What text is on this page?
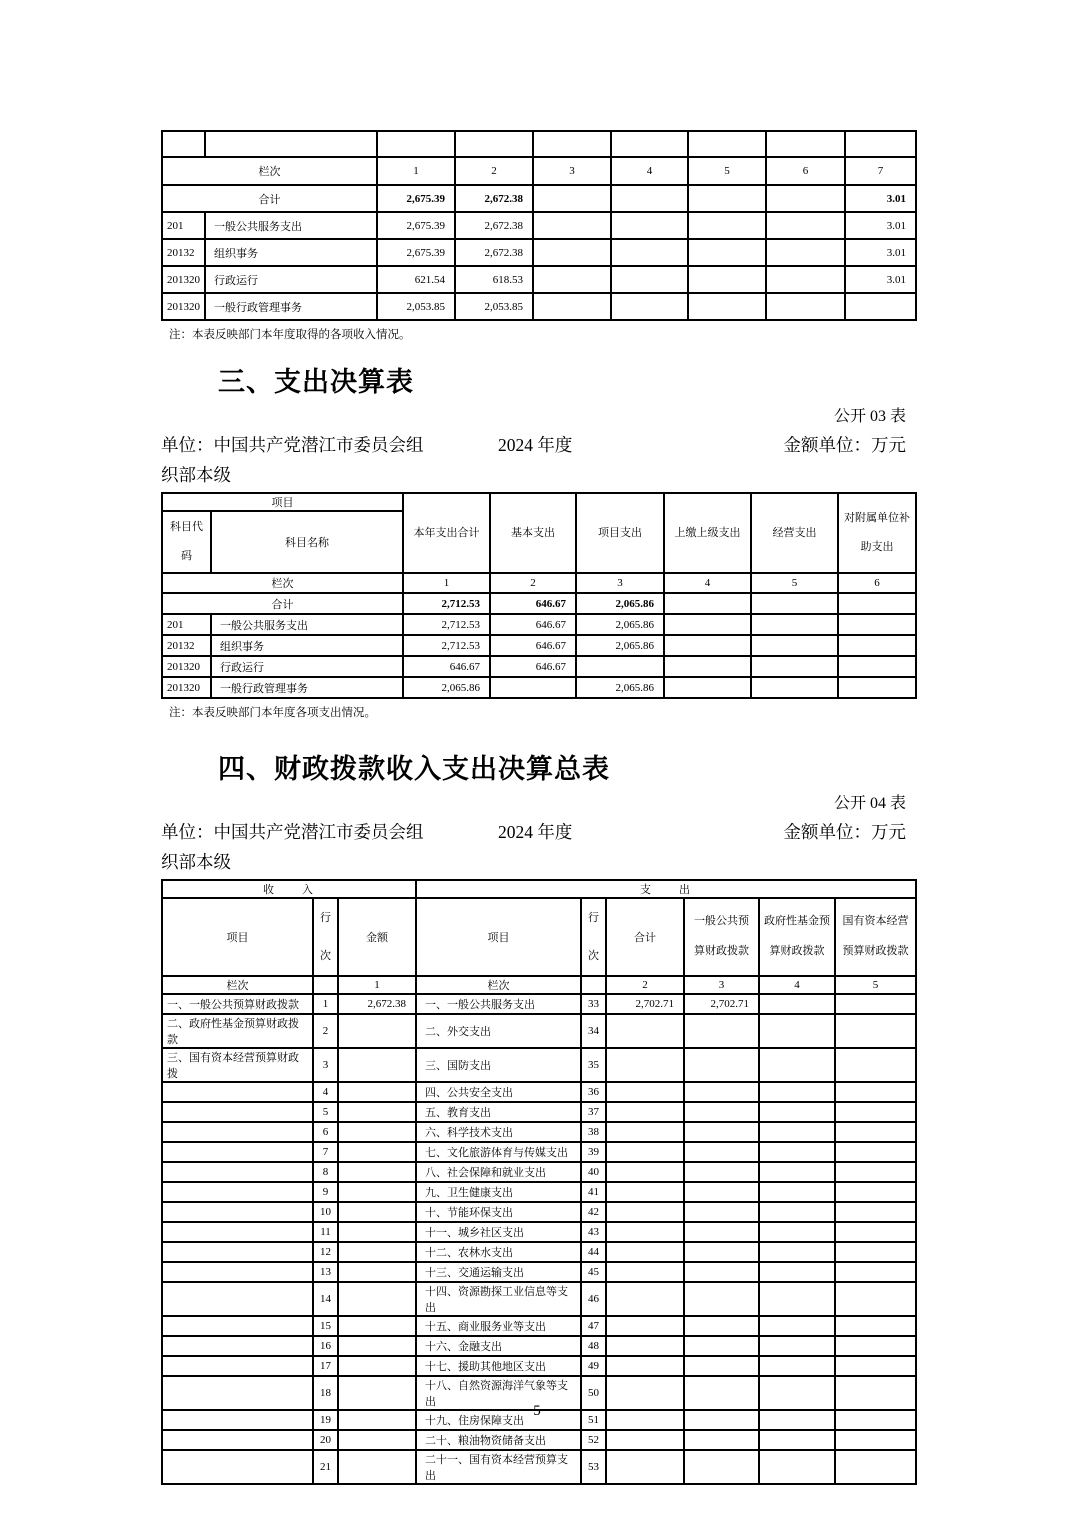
栏次		1	2	3	4	5	6	7
合计		2,675.39	2,672.38					3.01
201	一般公共服务支出	2,675.39	2,672.38					3.01
20132	组织事务	2,675.39	2,672.38					3.01
201320	行政运行	621.54	618.53					3.01
201320	一般行政管理事务	2,053.85	2,053.85					
注：本表反映部门本年度取得的各项收入情况。
三、支出决算表
公开 03 表
单位：中国共产党潜江市委员会组织部本级
2024 年度	金额单位：万元
项目		本年支出合计	基本支出	项目支出	上缴上级支出	经营支出	对附属单位补助支出
科目代码	科目名称						
栏次		1	2	3	4	5	6
合计		2,712.53	646.67	2,065.86			
201	一般公共服务支出	2,712.53	646.67	2,065.86			
20132	组织事务	2,712.53	646.67	2,065.86			
201320	行政运行	646.67	646.67				
201320	一般行政管理事务	2,065.86		2,065.86			
注：本表反映部门本年度各项支出情况。
四、财政拨款收入支出决算总表
公开 04 表
单位：中国共产党潜江市委员会组织部本级
2024 年度	金额单位：万元
收　　入			支　　出					
项目	行次	金额	项目	行次	合计	一般公共预算财政拨款	政府性基金预算财政拨款	国有资本经营预算财政拨款
栏次		1	栏次		2	3	4	5
一、一般公共预算财政拨款	1	2,672.38	一、一般公共服务支出	33	2,702.71	2,702.71		
二、政府性基金预算财政拨款	2		二、外交支出	34				
三、国有资本经营预算财政拨	3		三、国防支出	35				
	4		四、公共安全支出	36				
	5		五、教育支出	37				
	6		六、科学技术支出	38				
	7		七、文化旅游体育与传媒支出	39				
	8		八、社会保障和就业支出	40				
	9		九、卫生健康支出	41				
	10		十、节能环保支出	42				
	11		十一、城乡社区支出	43				
	12		十二、农林水支出	44				
	13		十三、交通运输支出	45				
	14		十四、资源勘探工业信息等支出	46				
	15		十五、商业服务业等支出	47				
	16		十六、金融支出	48				
	17		十七、援助其他地区支出	49				
	18		十八、自然资源海洋气象等支出	50				
	19		十九、住房保障支出	51				
	20		二十、粮油物资储备支出	52				
	21		二十一、国有资本经营预算支出	53				
5
